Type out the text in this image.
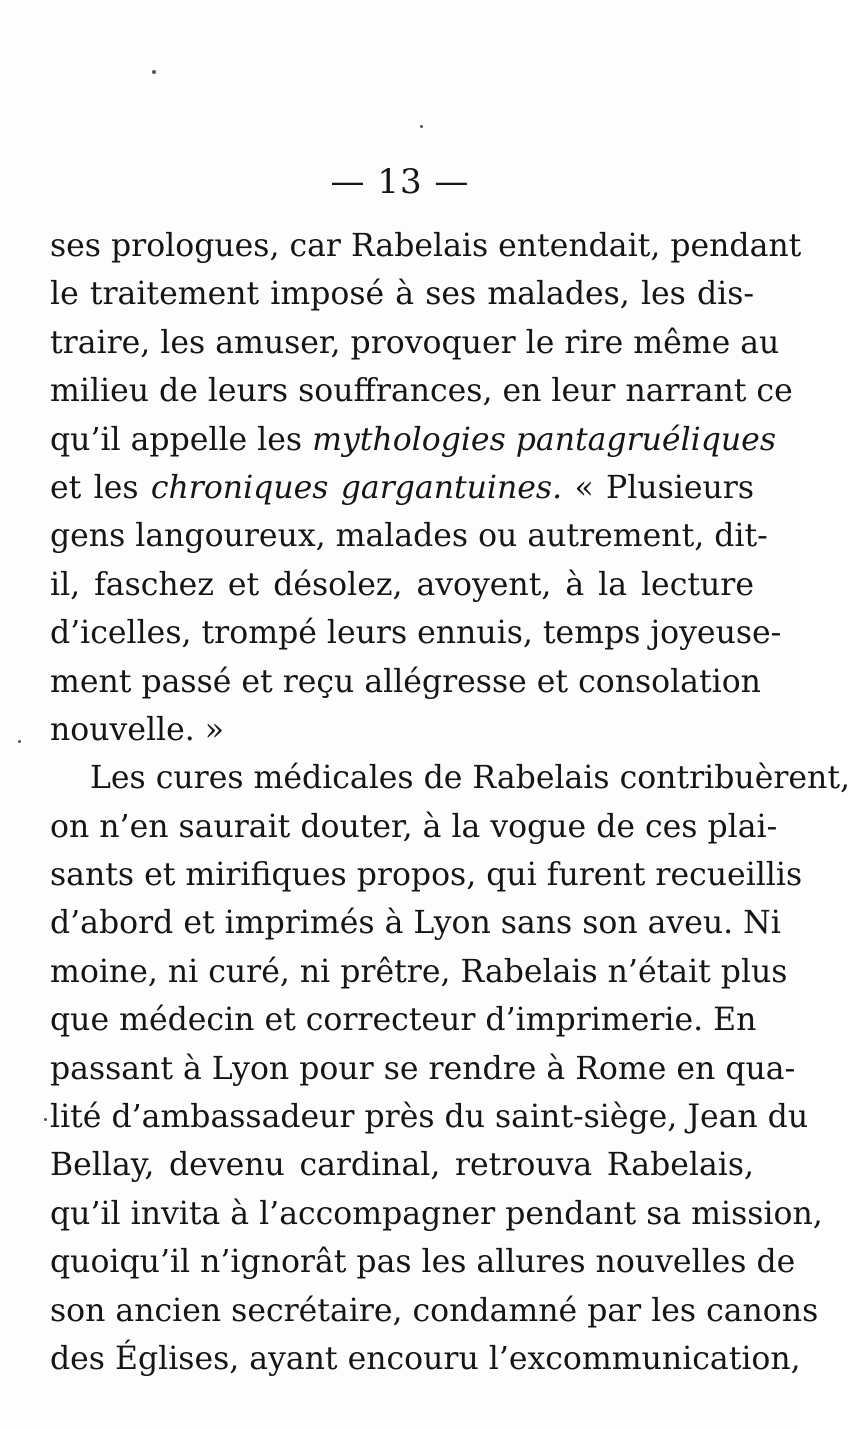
— 13 —
ses prologues, car Rabelais entendait, pendant
le traitement imposé à ses malades, les dis-
traire, les amuser, provoquer le rire même au
milieu de leurs souffrances, en leur narrant ce
qu’il appelle les mythologies pantagruéliques
et les chroniques gargantuines. « Plusieurs
gens langoureux, malades ou autrement, dit-
il, faschez et désolez, avoyent, à la lecture
d’icelles, trompé leurs ennuis, temps joyeuse-
ment passé et reçu allégresse et consolation
nouvelle. »
Les cures médicales de Rabelais contribuèrent,
on n’en saurait douter, à la vogue de ces plai-
sants et mirifiques propos, qui furent recueillis
d’abord et imprimés à Lyon sans son aveu. Ni
moine, ni curé, ni prêtre, Rabelais n’était plus
que médecin et correcteur d’imprimerie. En
passant à Lyon pour se rendre à Rome en qua-
lité d’ambassadeur près du saint-siège, Jean du
Bellay, devenu cardinal, retrouva Rabelais,
qu’il invita à l’accompagner pendant sa mission,
quoiqu’il n’ignorât pas les allures nouvelles de
son ancien secrétaire, condamné par les canons
des Églises, ayant encouru l’excommunication,
